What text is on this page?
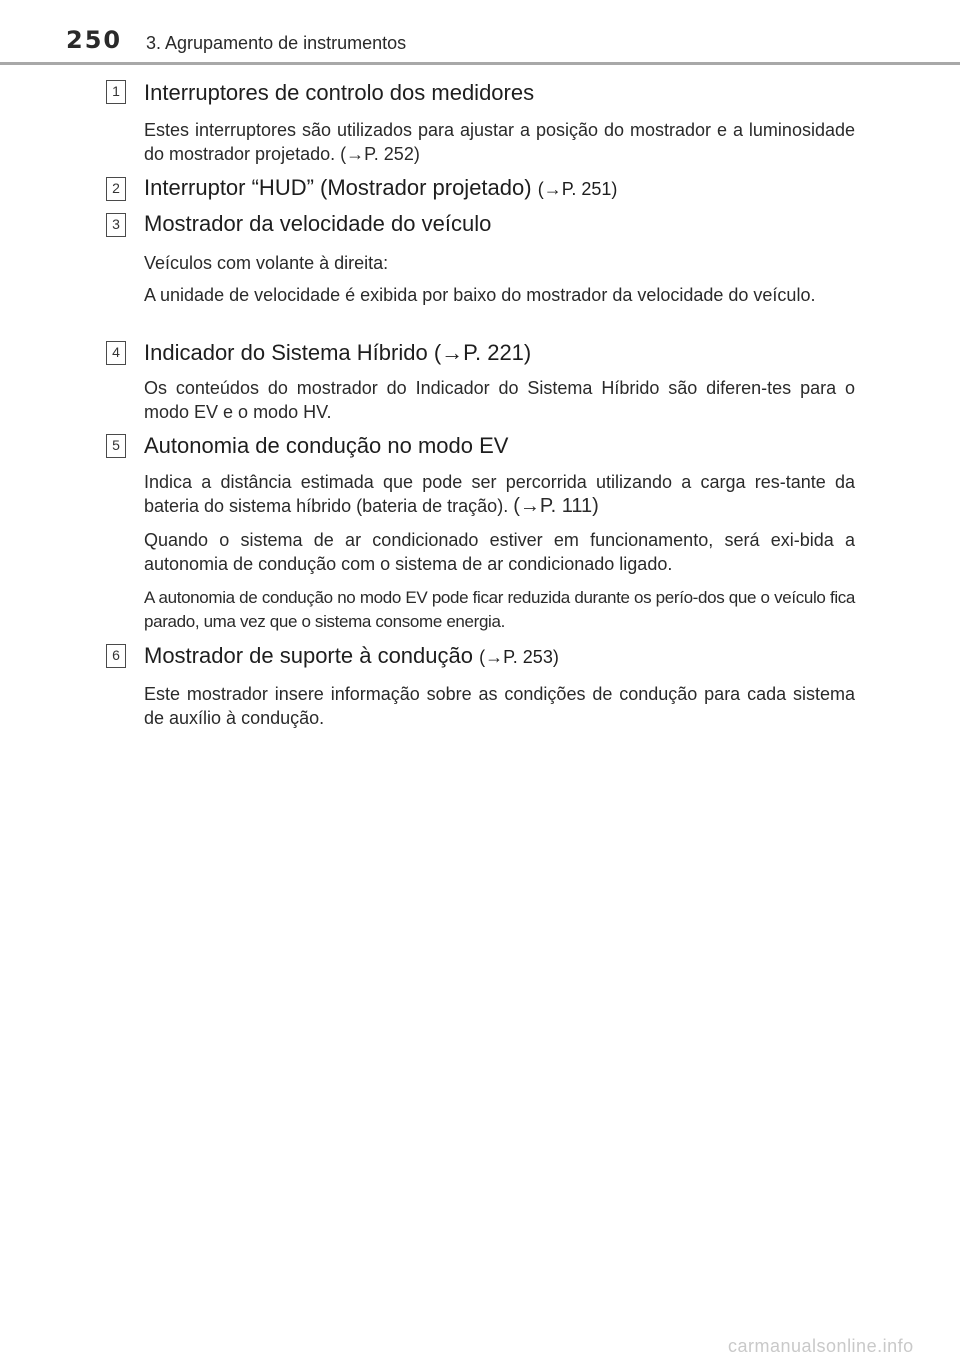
250 3. Agrupamento de instrumentos
1 Interruptores de controlo dos medidores
Estes interruptores são utilizados para ajustar a posição do mostrador e a luminosidade do mostrador projetado. (→P. 252)
2 Interruptor “HUD” (Mostrador projetado) (→P. 251)
3 Mostrador da velocidade do veículo
Veículos com volante à direita:
A unidade de velocidade é exibida por baixo do mostrador da velocidade do veículo.
4 Indicador do Sistema Híbrido (→P. 221)
Os conteúdos do mostrador do Indicador do Sistema Híbrido são diferen-tes para o modo EV e o modo HV.
5 Autonomia de condução no modo EV
Indica a distância estimada que pode ser percorrida utilizando a carga res-tante da bateria do sistema híbrido (bateria de tração). (→P. 111)
Quando o sistema de ar condicionado estiver em funcionamento, será exi-bida a autonomia de condução com o sistema de ar condicionado ligado.
A autonomia de condução no modo EV pode ficar reduzida durante os perío-dos que o veículo fica parado, uma vez que o sistema consome energia.
6 Mostrador de suporte à condução (→P. 253)
Este mostrador insere informação sobre as condições de condução para cada sistema de auxílio à condução.
carmanualsonline.info
